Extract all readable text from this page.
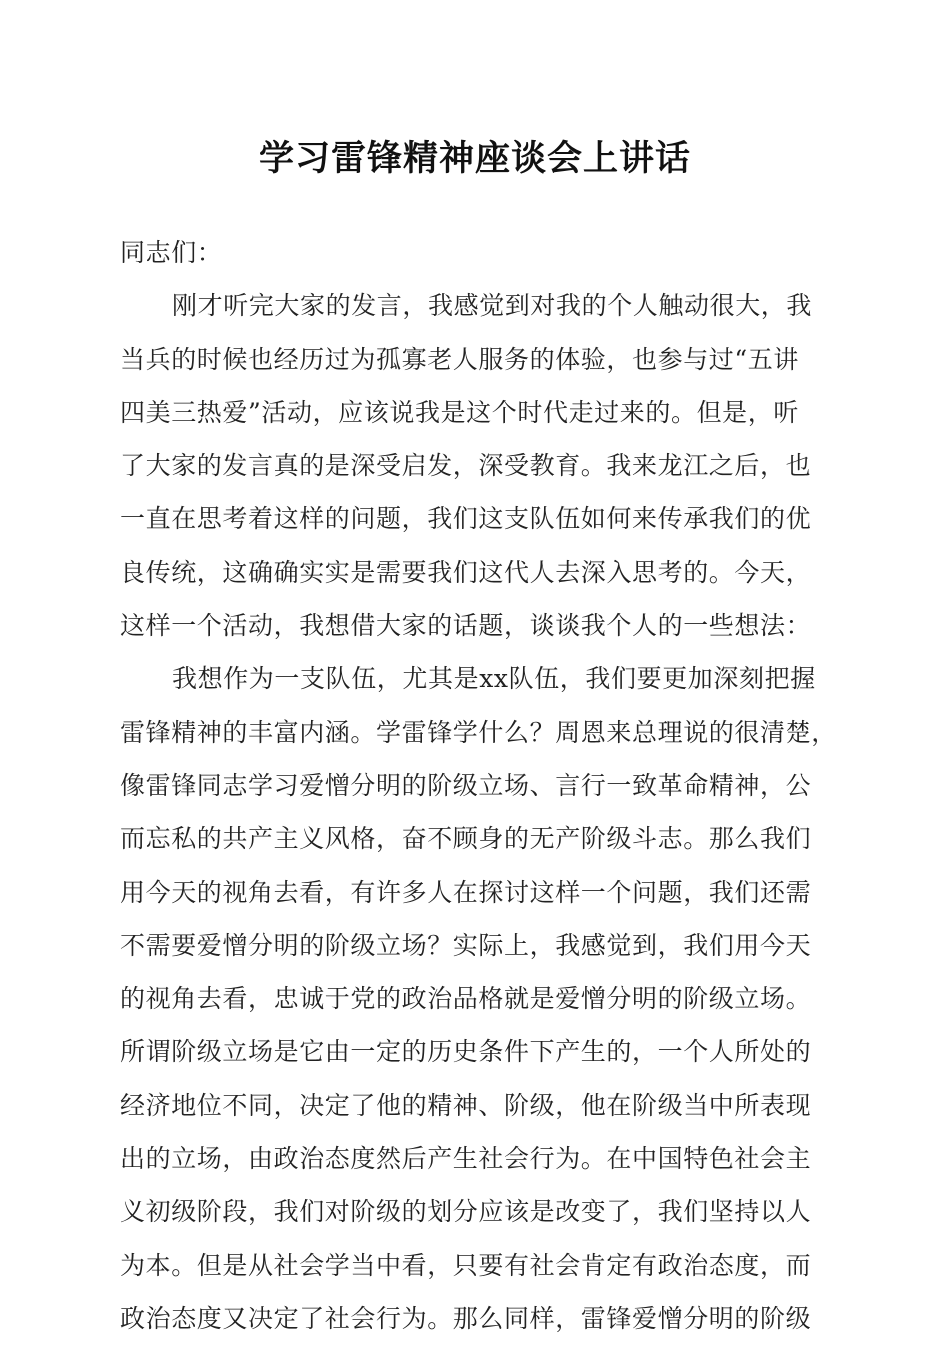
学习雷锋精神座谈会上讲话
同志们：
刚才听完大家的发言，我感觉到对我的个人触动很大，我
当兵的时候也经历过为孤寡老人服务的体验，也参与过“五讲
四美三热爱”活动，应该说我是这个时代走过来的。但是，听
了大家的发言真的是深受启发，深受教育。我来龙江之后，也
一直在思考着这样的问题，我们这支队伍如何来传承我们的优
良传统，这确确实实是需要我们这代人去深入思考的。今天，
这样一个活动，我想借大家的话题，谈谈我个人的一些想法：
我想作为一支队伍，尤其是xx队伍，我们要更加深刻把握
雷锋精神的丰富内涵。学雷锋学什么？周恩来总理说的很清楚，
像雷锋同志学习爱憎分明的阶级立场、言行一致革命精神，公
而忘私的共产主义风格，奋不顾身的无产阶级斗志。那么我们
用今天的视角去看，有许多人在探讨这样一个问题，我们还需
不需要爱憎分明的阶级立场？实际上，我感觉到，我们用今天
的视角去看，忠诚于党的政治品格就是爱憎分明的阶级立场。
所谓阶级立场是它由一定的历史条件下产生的，一个人所处的
经济地位不同，决定了他的精神、阶级，他在阶级当中所表现
出的立场，由政治态度然后产生社会行为。在中国特色社会主
义初级阶段，我们对阶级的划分应该是改变了，我们坚持以人
为本。但是从社会学当中看，只要有社会肯定有政治态度，而
政治态度又决定了社会行为。那么同样，雷锋爱憎分明的阶级
